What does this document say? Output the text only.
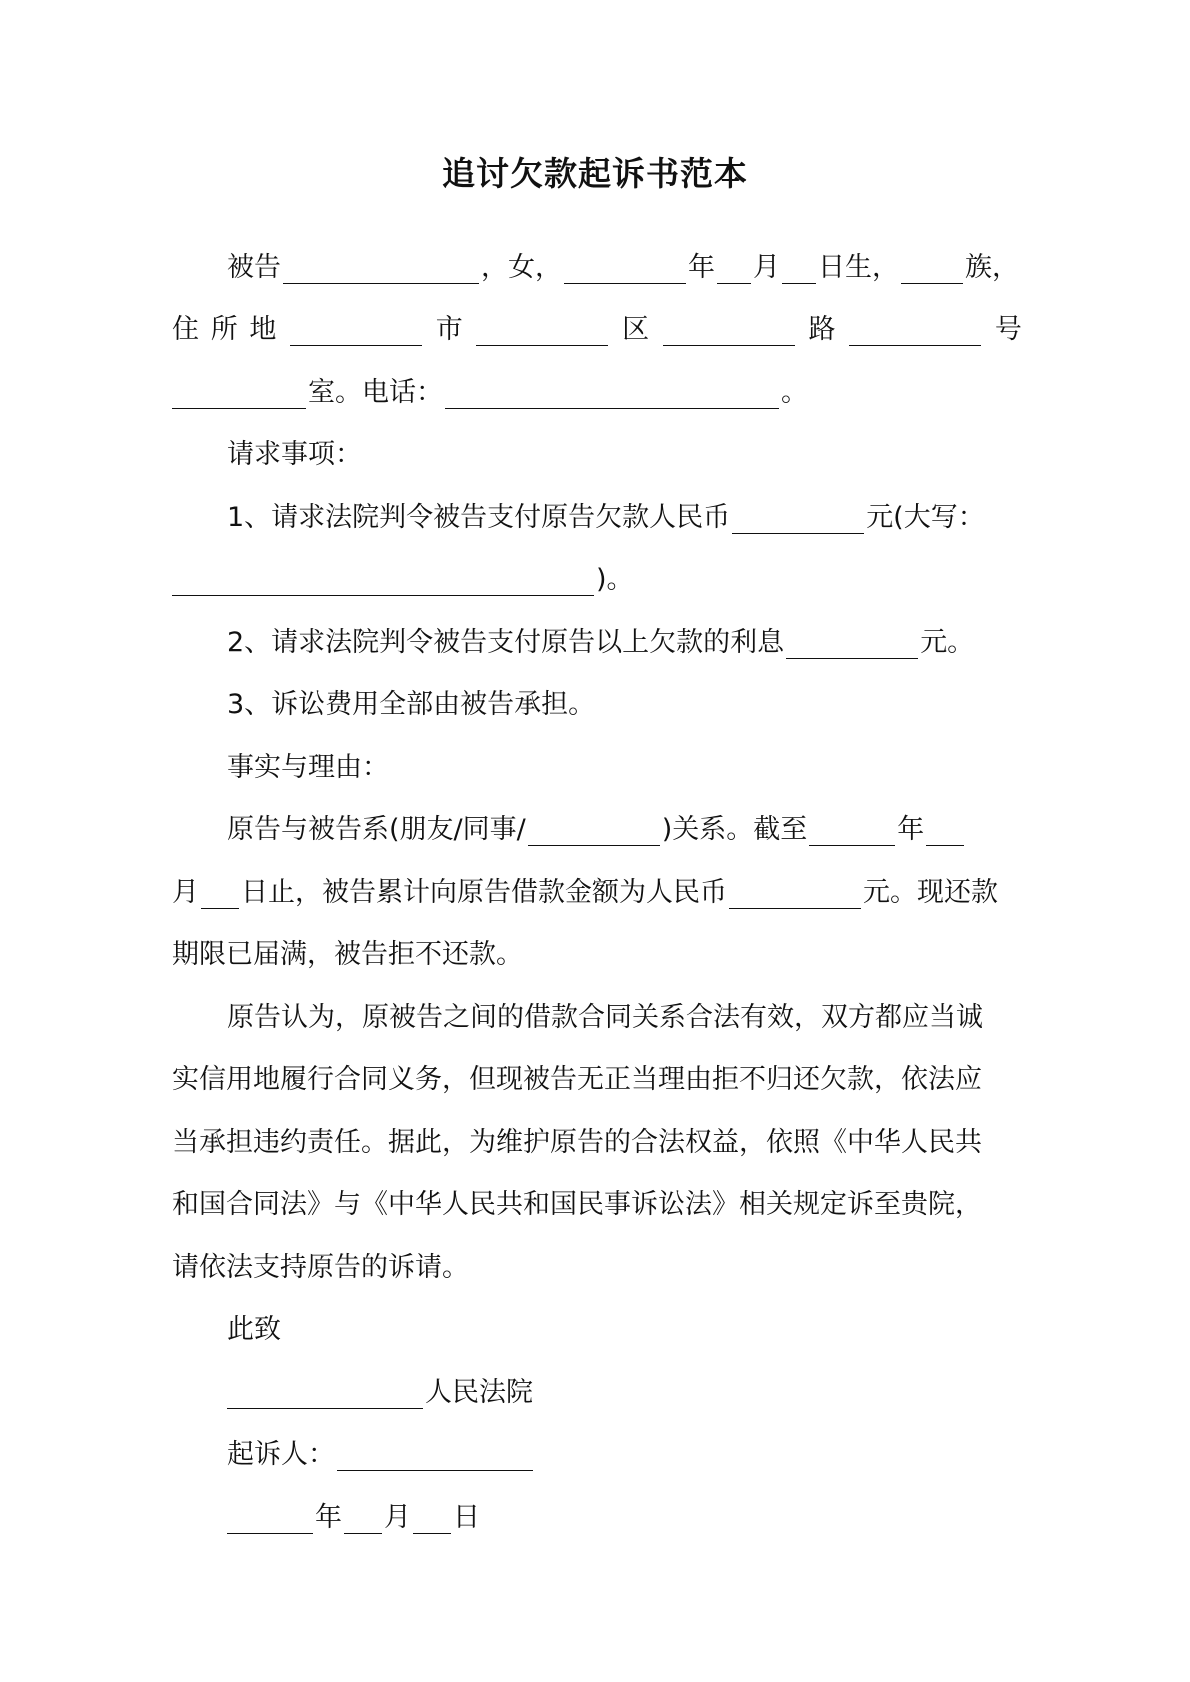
追讨欠款起诉书范本
被告	，女，	年 月 日生， 族，
住 所 地	市	区	路	号
室。电话：	。
请求事项：
1、请求法院判令被告支付原告欠款人民币	元(大写：
)。
2、请求法院判令被告支付原告以上欠款的利息	元。
3、诉讼费用全部由被告承担。
事实与理由：
原告与被告系(朋友/同事/	)关系。截至	年
月 日止，被告累计向原告借款金额为人民币	元。现还款
期限已届满，被告拒不还款。
原告认为，原被告之间的借款合同关系合法有效，双方都应当诚
实信用地履行合同义务，但现被告无正当理由拒不归还欠款，依法应
当承担违约责任。据此，为维护原告的合法权益，依照《中华人民共
和国合同法》与《中华人民共和国民事诉讼法》相关规定诉至贵院，
请依法支持原告的诉请。
此致
人民法院
起诉人：
年 月 日
